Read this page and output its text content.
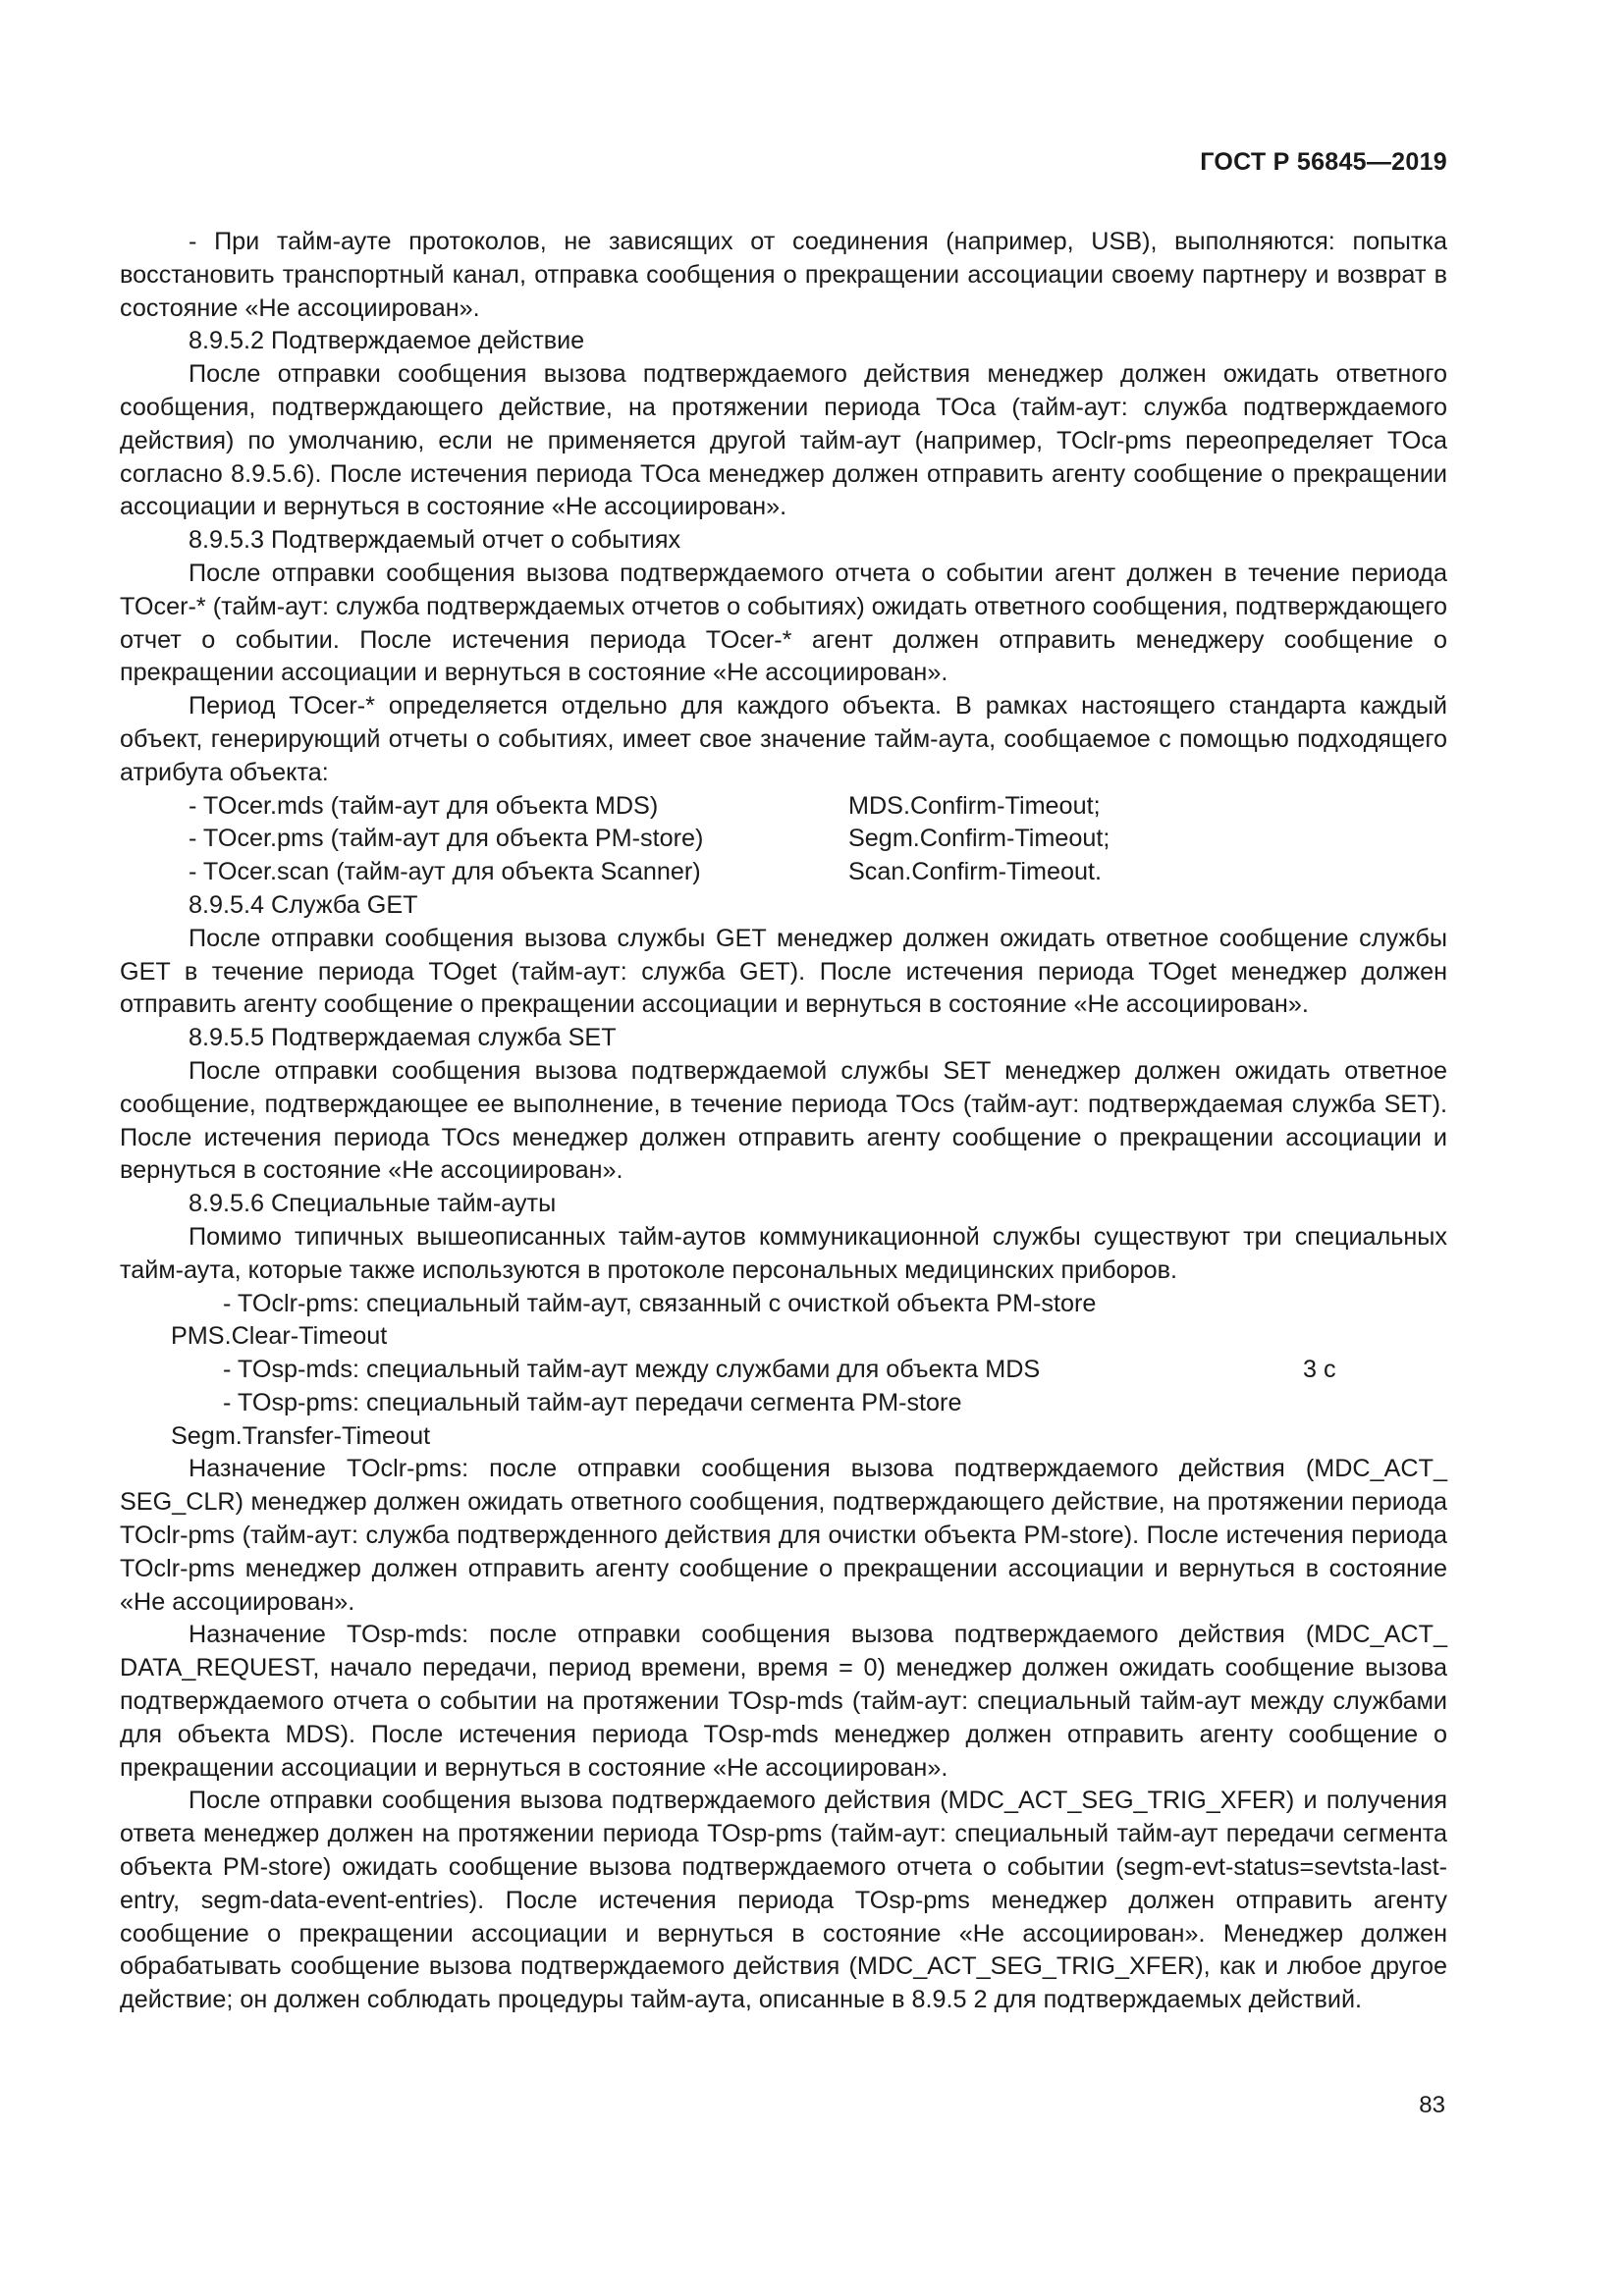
ГОСТ Р 56845—2019

- При тайм-ауте протоколов, не зависящих от соединения (например, USB), выполняются: попытка восстановить транспортный канал, отправка сообщения о прекращении ассоциации своему партнеру и возврат в состояние «Не ассоциирован».

8.9.5.2 Подтверждаемое действие

После отправки сообщения вызова подтверждаемого действия менеджер должен ожидать ответного сообщения, подтверждающего действие, на протяжении периода TOca (тайм-аут: служба подтверждаемого действия) по умолчанию, если не применяется другой тайм-аут (например, TOclr-pms переопределяет TOca согласно 8.9.5.6). После истечения периода TOca менеджер должен отправить агенту сообщение о прекращении ассоциации и вернуться в состояние «Не ассоциирован».

8.9.5.3 Подтверждаемый отчет о событиях

После отправки сообщения вызова подтверждаемого отчета о событии агент должен в течение периода TOcer-* (тайм-аут: служба подтверждаемых отчетов о событиях) ожидать ответного сообщения, подтверждающего отчет о событии. После истечения периода TOcer-* агент должен отправить менеджеру сообщение о прекращении ассоциации и вернуться в состояние «Не ассоциирован».

Период TOcer-* определяется отдельно для каждого объекта. В рамках настоящего стандарта каждый объект, генерирующий отчеты о событиях, имеет свое значение тайм-аута, сообщаемое с помощью подходящего атрибута объекта:

- TOcer.mds (тайм-аут для объекта MDS)	MDS.Confirm-Timeout;
- TOcer.pms (тайм-аут для объекта PM-store)	Segm.Confirm-Timeout;
- TOcer.scan (тайм-аут для объекта Scanner)	Scan.Confirm-Timeout.

8.9.5.4 Служба GET

После отправки сообщения вызова службы GET менеджер должен ожидать ответное сообщение службы GET в течение периода TOget (тайм-аут: служба GET). После истечения периода TOget менеджер должен отправить агенту сообщение о прекращении ассоциации и вернуться в состояние «Не ассоциирован».

8.9.5.5 Подтверждаемая служба SET

После отправки сообщения вызова подтверждаемой службы SET менеджер должен ожидать ответное сообщение, подтверждающее ее выполнение, в течение периода TOcs (тайм-аут: подтверждаемая служба SET). После истечения периода TOcs менеджер должен отправить агенту сообщение о прекращении ассоциации и вернуться в состояние «Не ассоциирован».

8.9.5.6 Специальные тайм-ауты

Помимо типичных вышеописанных тайм-аутов коммуникационной службы существуют три специальных тайм-аута, которые также используются в протоколе персональных медицинских приборов.

- TOclr-pms: специальный тайм-аут, связанный с очисткой объекта PM-store

PMS.Clear-Timeout

- TOsp-mds: специальный тайм-аут между службами для объекта MDS	3 с

- TOsp-pms: специальный тайм-аут передачи сегмента PM-store

Segm.Transfer-Timeout

Назначение TOclr-pms: после отправки сообщения вызова подтверждаемого действия (MDC_ACT_ SEG_CLR) менеджер должен ожидать ответного сообщения, подтверждающего действие, на протяжении периода TOclr-pms (тайм-аут: служба подтвержденного действия для очистки объекта PM-store). После истечения периода TOclr-pms менеджер должен отправить агенту сообщение о прекращении ассоциации и вернуться в состояние «Не ассоциирован».

Назначение TOsp-mds: после отправки сообщения вызова подтверждаемого действия (MDC_ACT_ DATA_REQUEST, начало передачи, период времени, время = 0) менеджер должен ожидать сообщение вызова подтверждаемого отчета о событии на протяжении TOsp-mds (тайм-аут: специальный тайм-аут между службами для объекта MDS). После истечения периода TOsp-mds менеджер должен отправить агенту сообщение о прекращении ассоциации и вернуться в состояние «Не ассоциирован».

После отправки сообщения вызова подтверждаемого действия (MDC_ACT_SEG_TRIG_XFER) и получения ответа менеджер должен на протяжении периода TOsp-pms (тайм-аут: специальный тайм-аут передачи сегмента объекта PM-store) ожидать сообщение вызова подтверждаемого отчета о событии (segm-evt-status=sevtsta-last-entry, segm-data-event-entries). После истечения периода TOsp-pms менеджер должен отправить агенту сообщение о прекращении ассоциации и вернуться в состояние «Не ассоциирован». Менеджер должен обрабатывать сообщение вызова подтверждаемого действия (MDC_ACT_SEG_TRIG_XFER), как и любое другое действие; он должен соблюдать процедуры тайм-аута, описанные в 8.9.5 2 для подтверждаемых действий.

83
